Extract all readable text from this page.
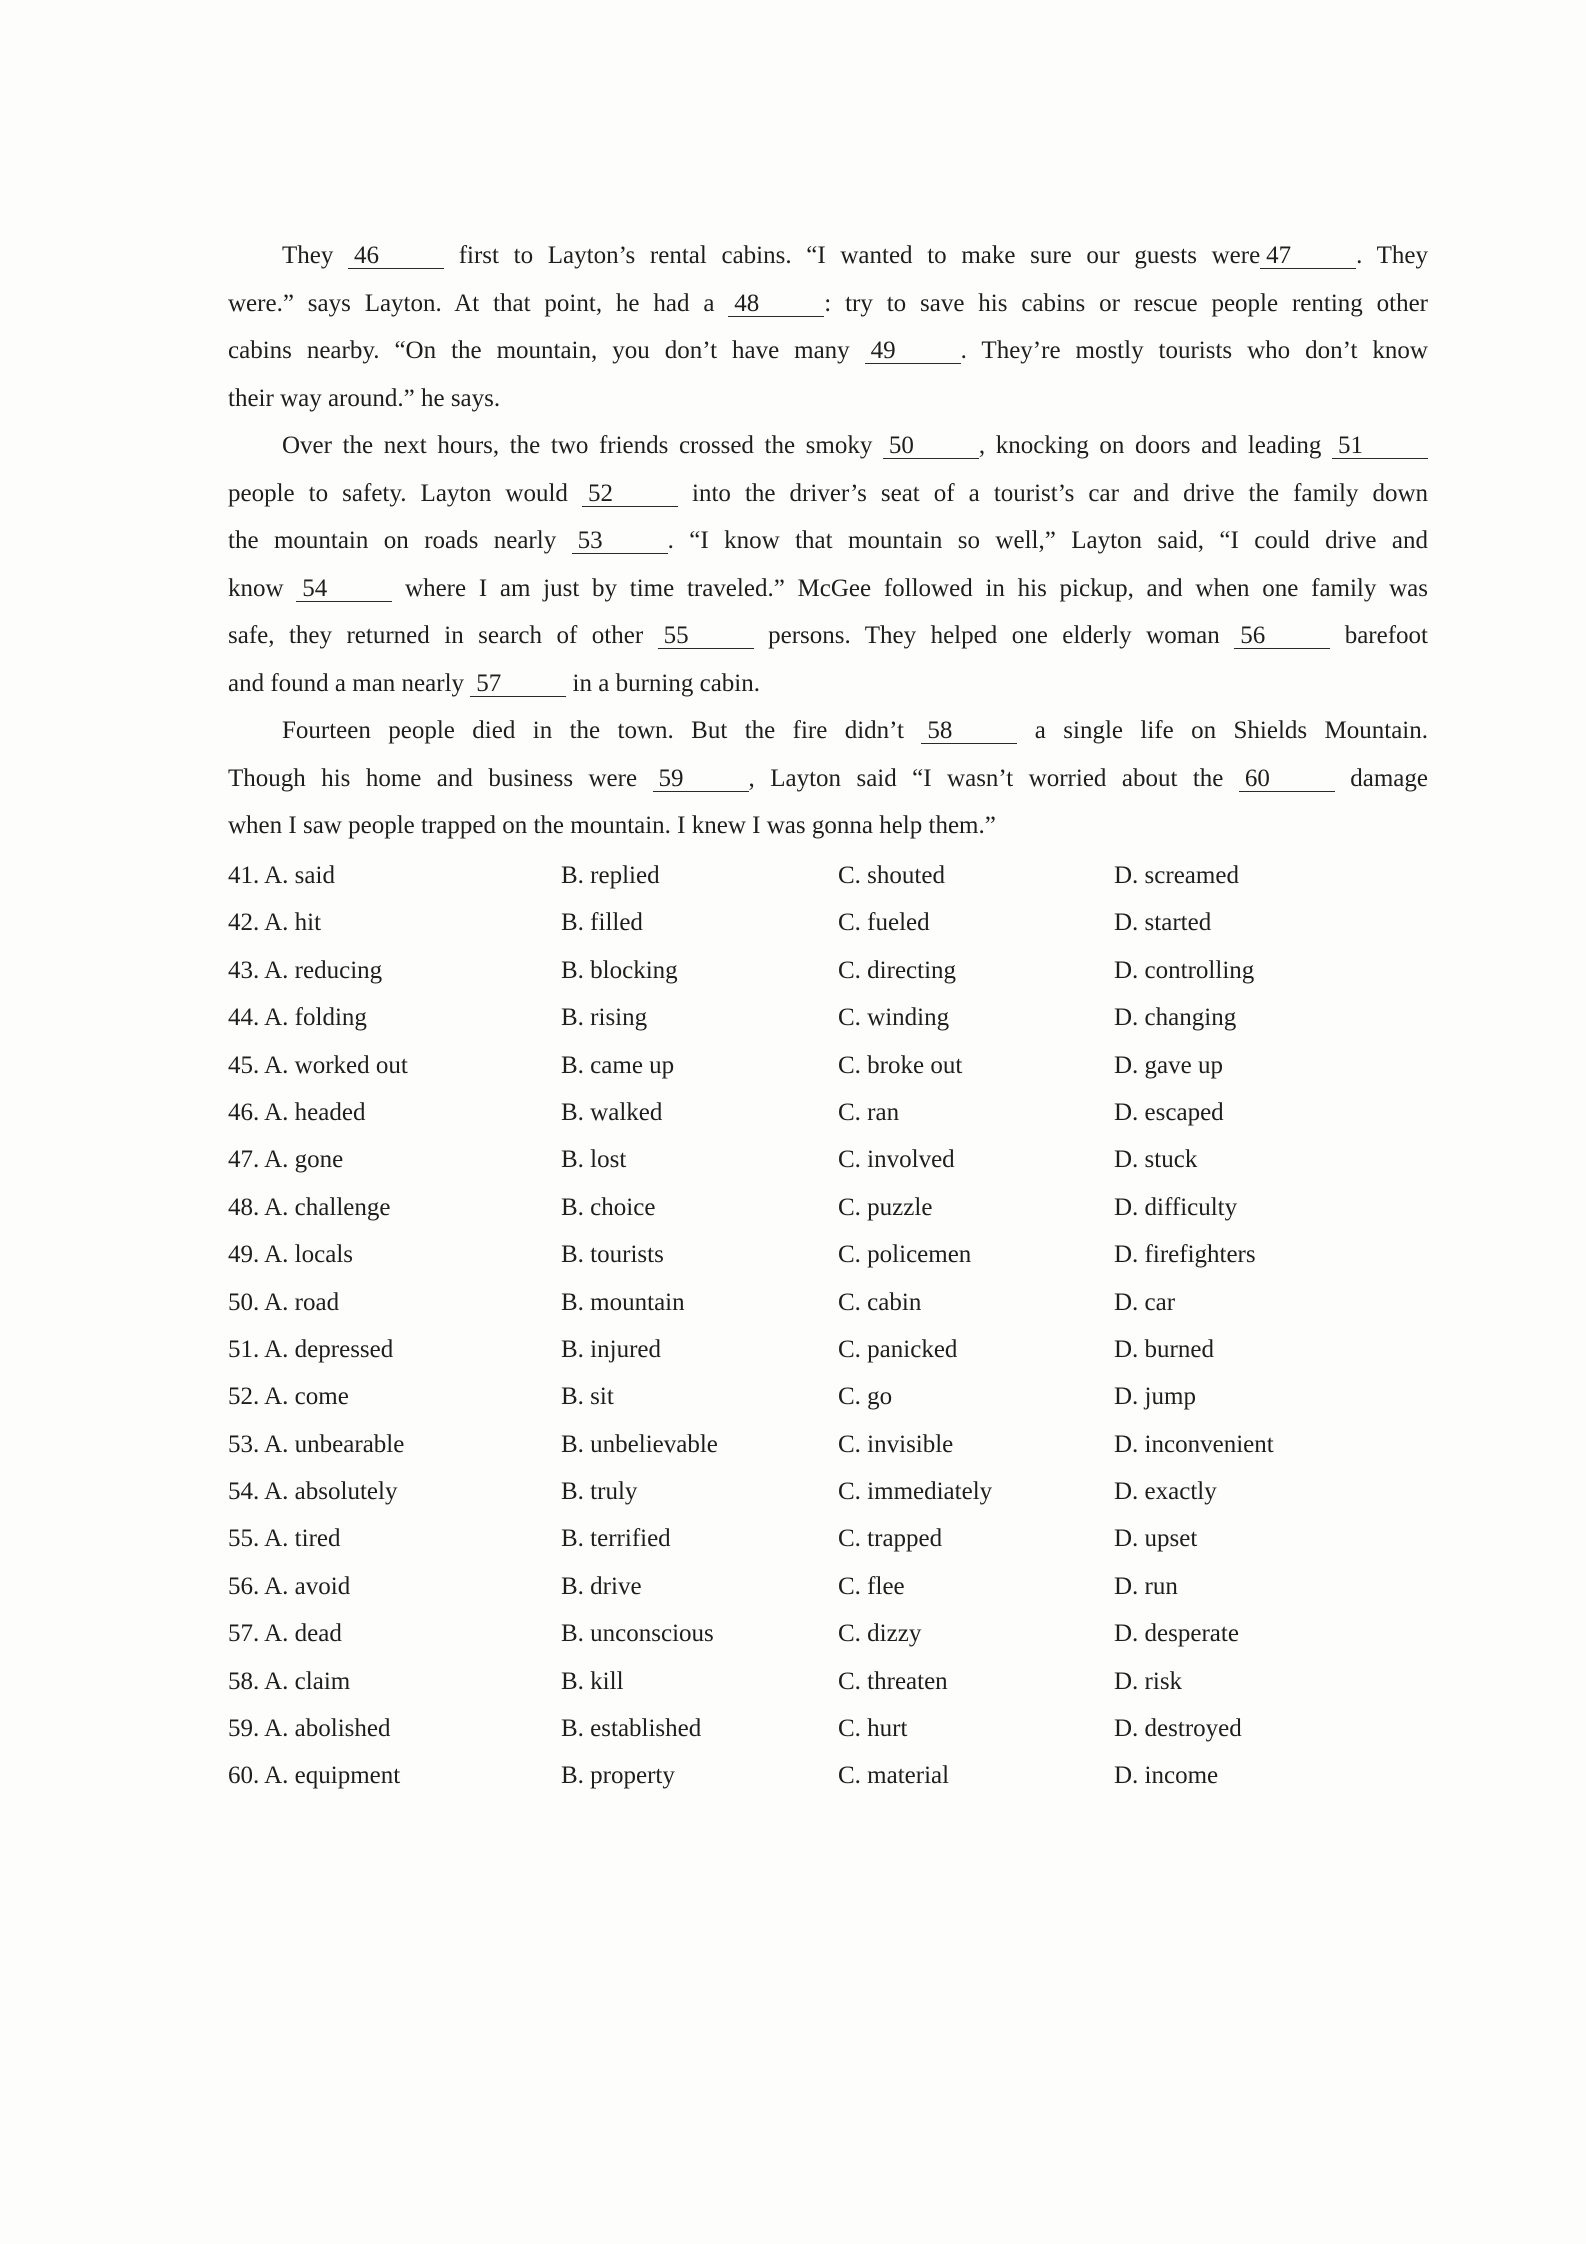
They 46	first to Layton’s rental cabins. “I wanted to make sure our guests were 47	. They
were.” says Layton. At that point, he had a 48	: try to save his cabins or rescue people renting other
cabins nearby. “On the mountain, you don’t have many 49	. They’re mostly tourists who don’t know
their way around.” he says.
Over the next hours, the two friends crossed the smoky 50	, knocking on doors and leading 51
people to safety. Layton would 52	into the driver’s seat of a tourist’s car and drive the family down
the mountain on roads nearly 53	. “I know that mountain so well,” Layton said, “I could drive and
know 54	where I am just by time traveled.” McGee followed in his pickup, and when one family was
safe, they returned in search of other 55	persons. They helped one elderly woman 56	barefoot
and found a man nearly 57	in a burning cabin.
Fourteen people died in the town. But the fire didn’t 58	a single life on Shields Mountain.
Though his home and business were 59	, Layton said “I wasn’t worried about the 60	damage
when I saw people trapped on the mountain. I knew I was gonna help them.”
41. A. said	B. replied	C. shouted	D. screamed
42. A. hit	B. filled	C. fueled	D. started
43. A. reducing	B. blocking	C. directing	D. controlling
44. A. folding	B. rising	C. winding	D. changing
45. A. worked out	B. came up	C. broke out	D. gave up
46. A. headed	B. walked	C. ran	D. escaped
47. A. gone	B. lost	C. involved	D. stuck
48. A. challenge	B. choice	C. puzzle	D. difficulty
49. A. locals	B. tourists	C. policemen	D. firefighters
50. A. road	B. mountain	C. cabin	D. car
51. A. depressed	B. injured	C. panicked	D. burned
52. A. come	B. sit	C. go	D. jump
53. A. unbearable	B. unbelievable	C. invisible	D. inconvenient
54. A. absolutely	B. truly	C. immediately	D. exactly
55. A. tired	B. terrified	C. trapped	D. upset
56. A. avoid	B. drive	C. flee	D. run
57. A. dead	B. unconscious	C. dizzy	D. desperate
58. A. claim	B. kill	C. threaten	D. risk
59. A. abolished	B. established	C. hurt	D. destroyed
60. A. equipment	B. property	C. material	D. income
